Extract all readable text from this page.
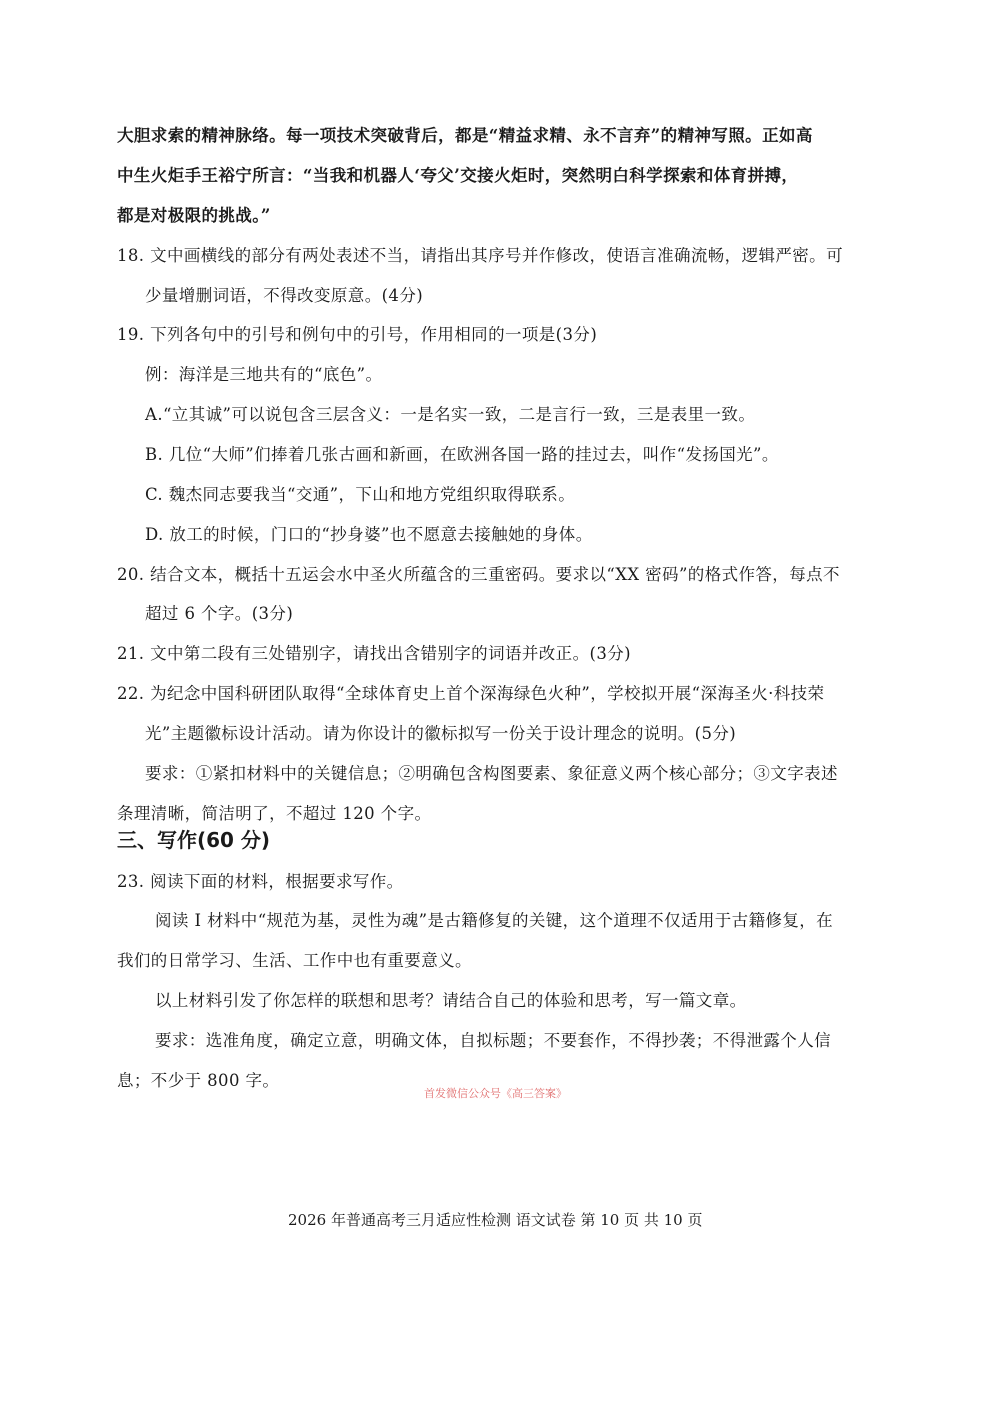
大胆求索的精神脉络。每一项技术突破背后，都是“精益求精、永不言弃”的精神写照。正如高
中生火炬手王裕宁所言：“当我和机器人‘夸父’交接火炬时，突然明白科学探索和体育拼搏，
都是对极限的挑战。”
18. 文中画横线的部分有两处表述不当，请指出其序号并作修改，使语言准确流畅，逻辑严密。可
少量增删词语，不得改变原意。(4分)
19. 下列各句中的引号和例句中的引号，作用相同的一项是(3分)
例：海洋是三地共有的“底色”。
A.“立其诚”可以说包含三层含义：一是名实一致，二是言行一致，三是表里一致。
B. 几位“大师”们捧着几张古画和新画，在欧洲各国一路的挂过去，叫作“发扬国光”。
C. 魏杰同志要我当“交通”，下山和地方党组织取得联系。
D. 放工的时候，门口的“抄身婆”也不愿意去接触她的身体。
20. 结合文本，概括十五运会水中圣火所蕴含的三重密码。要求以“XX 密码”的格式作答，每点不
超过 6 个字。(3分)
21. 文中第二段有三处错别字，请找出含错别字的词语并改正。(3分)
22. 为纪念中国科研团队取得“全球体育史上首个深海绿色火种”，学校拟开展“深海圣火·科技荣
光”主题徽标设计活动。请为你设计的徽标拟写一份关于设计理念的说明。(5分)
要求：①紧扣材料中的关键信息；②明确包含构图要素、象征意义两个核心部分；③文字表述
条理清晰，简洁明了，不超过 120 个字。
三、写作(60 分)
23. 阅读下面的材料，根据要求写作。
阅读 I 材料中“规范为基，灵性为魂”是古籍修复的关键，这个道理不仅适用于古籍修复，在
我们的日常学习、生活、工作中也有重要意义。
以上材料引发了你怎样的联想和思考？请结合自己的体验和思考，写一篇文章。
要求：选准角度，确定立意，明确文体，自拟标题；不要套作，不得抄袭；不得泄露个人信
息；不少于 800 字。
首发微信公众号《高三答案》
2026 年普通高考三月适应性检测 语文试卷 第 10 页 共 10 页
